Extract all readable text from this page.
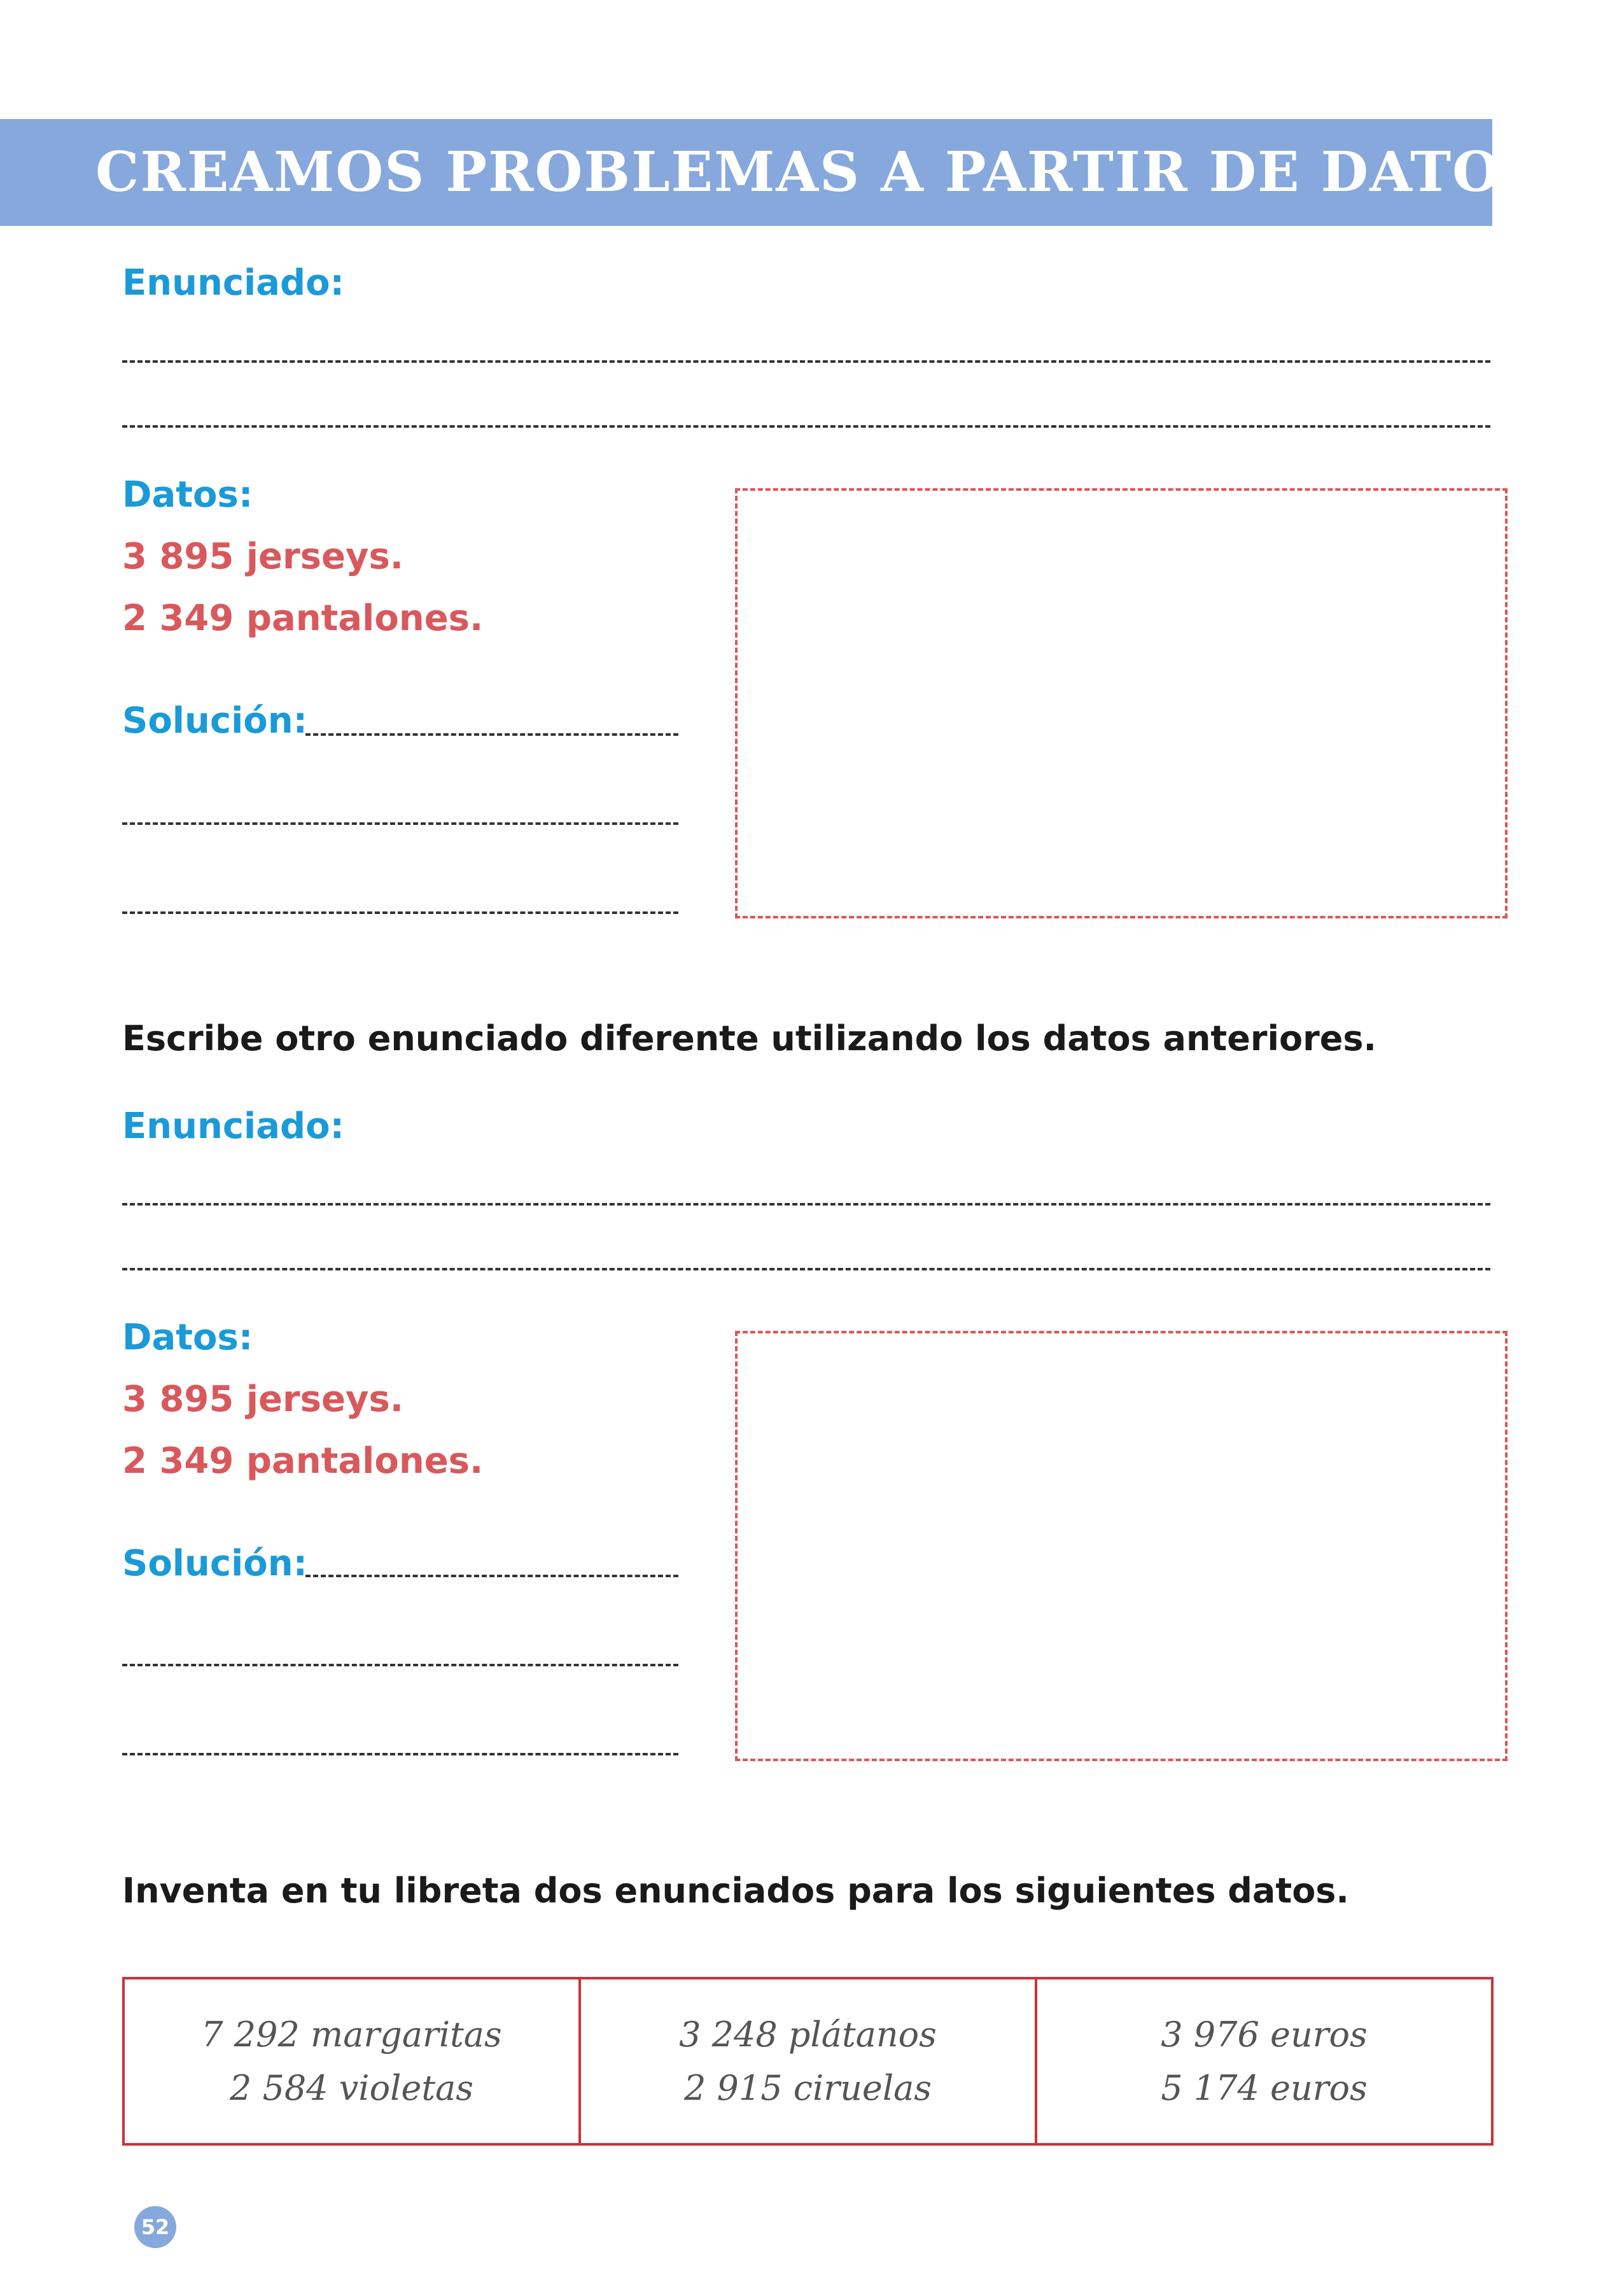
CREAMOS PROBLEMAS A PARTIR DE DATOS
Enunciado:
Datos:
3 895 jerseys.
2 349 pantalones.
Solución:
Escribe otro enunciado diferente utilizando los datos anteriores.
Enunciado:
Datos:
3 895 jerseys.
2 349 pantalones.
Solución:
Inventa en tu libreta dos enunciados para los siguientes datos.
7 292 margaritas
2 584 violetas
3 248 plátanos
2 915 ciruelas
3 976 euros
5 174 euros
52
